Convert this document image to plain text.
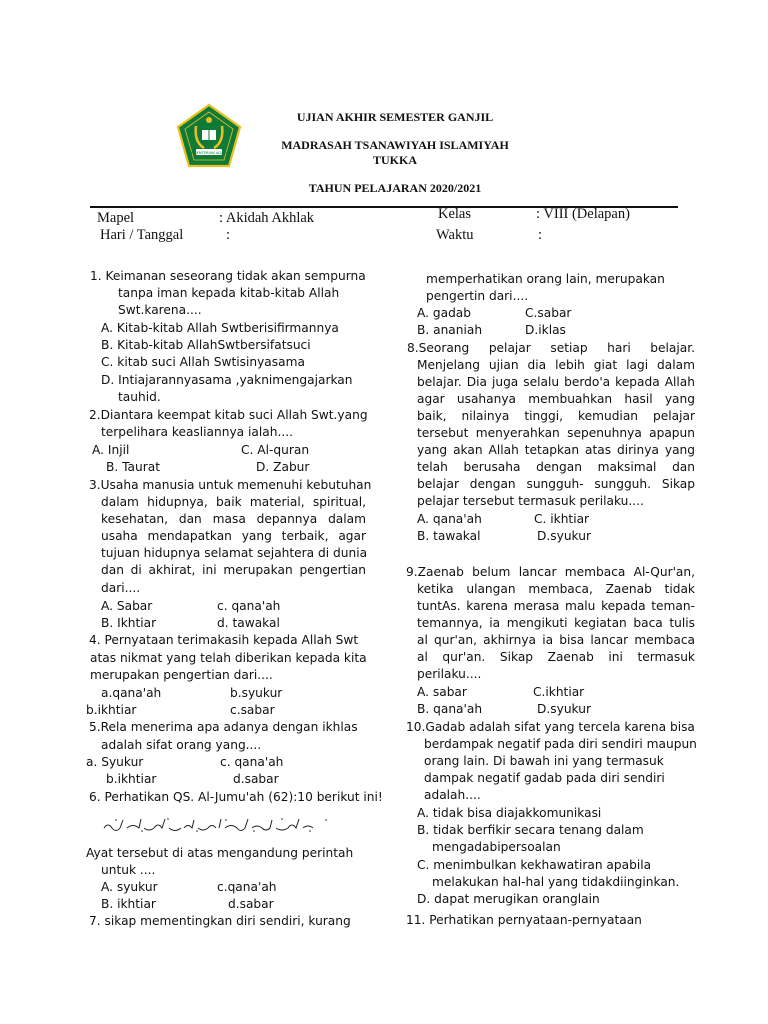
KEMENTERIAN AGAMA
UJIAN AKHIR SEMESTER GANJIL
MADRASAH TSANAWIYAH ISLAMIYAH
TUKKA
TAHUN PELAJARAN 2020/2021
Mapel	: Akidah Akhlak
Hari / Tanggal	:
Kelas	: VIII (Delapan)
Waktu	:
1. Keimanan seseorang tidak akan sempurna
tanpa iman kepada kitab-kitab Allah
Swt.karena....
A. Kitab-kitab Allah Swtberisifirmannya
B. Kitab-kitab AllahSwtbersifatsuci
C. kitab suci Allah Swtisinyasama
D. Intiajarannyasama ,yaknimengajarkan
tauhid.
2.Diantara keempat kitab suci Allah Swt.yang
terpelihara keasliannya ialah....
A. Injil	C. Al-quran
B. Taurat	D. Zabur
3.Usaha manusia untuk memenuhi kebutuhan
dalam hidupnya, baik material, spiritual,
kesehatan, dan masa depannya dalam
usaha mendapatkan yang terbaik, agar
tujuan hidupnya selamat sejahtera di dunia
dan di akhirat, ini merupakan pengertian
dari....
A. Sabar	c. qana'ah
B. Ikhtiar	d. tawakal
4. Pernyataan terimakasih kepada Allah Swt
atas nikmat yang telah diberikan kepada kita
merupakan pengertian dari....
a.qana'ah	b.syukur
b.ikhtiar	c.sabar
5.Rela menerima apa adanya dengan ikhlas
adalah sifat orang yang....
a. Syukur	c. qana'ah
b.ikhtiar	d.sabar
6. Perhatikan QS. Al-Jumu'ah (62):10 berikut ini!
Ayat tersebut di atas mengandung perintah
untuk ....
A. syukur	c.qana'ah
B. ikhtiar	d.sabar
7. sikap mementingkan diri sendiri, kurang
memperhatikan orang lain, merupakan
pengertin dari....
A. gadab	C.sabar
B. ananiah	D.iklas
8.Seorang pelajar setiap hari belajar.
Menjelang ujian dia lebih giat lagi dalam
belajar. Dia juga selalu berdo'a kepada Allah
agar usahanya membuahkan hasil yang
baik, nilainya tinggi, kemudian pelajar
tersebut menyerahkan sepenuhnya apapun
yang akan Allah tetapkan atas dirinya yang
telah berusaha dengan maksimal dan
belajar dengan sungguh- sungguh. Sikap
pelajar tersebut termasuk perilaku....
A. qana'ah	C. ikhtiar
B. tawakal	D.syukur
9.Zaenab belum lancar membaca Al-Qur'an,
ketika ulangan membaca, Zaenab tidak
tuntAs. karena merasa malu kepada teman-
temannya, ia mengikuti kegiatan baca tulis
al qur'an, akhirnya ia bisa lancar membaca
al qur'an. Sikap Zaenab ini termasuk
perilaku....
A. sabar	C.ikhtiar
B. qana'ah	D.syukur
10.Gadab adalah sifat yang tercela karena bisa
berdampak negatif pada diri sendiri maupun
orang lain. Di bawah ini yang termasuk
dampak negatif gadab pada diri sendiri
adalah....
A. tidak bisa diajakkomunikasi
B. tidak berfikir secara tenang dalam
mengadabipersoalan
C. menimbulkan kekhawatiran apabila
melakukan hal-hal yang tidakdiinginkan.
D. dapat merugikan oranglain
11. Perhatikan pernyataan-pernyataan
